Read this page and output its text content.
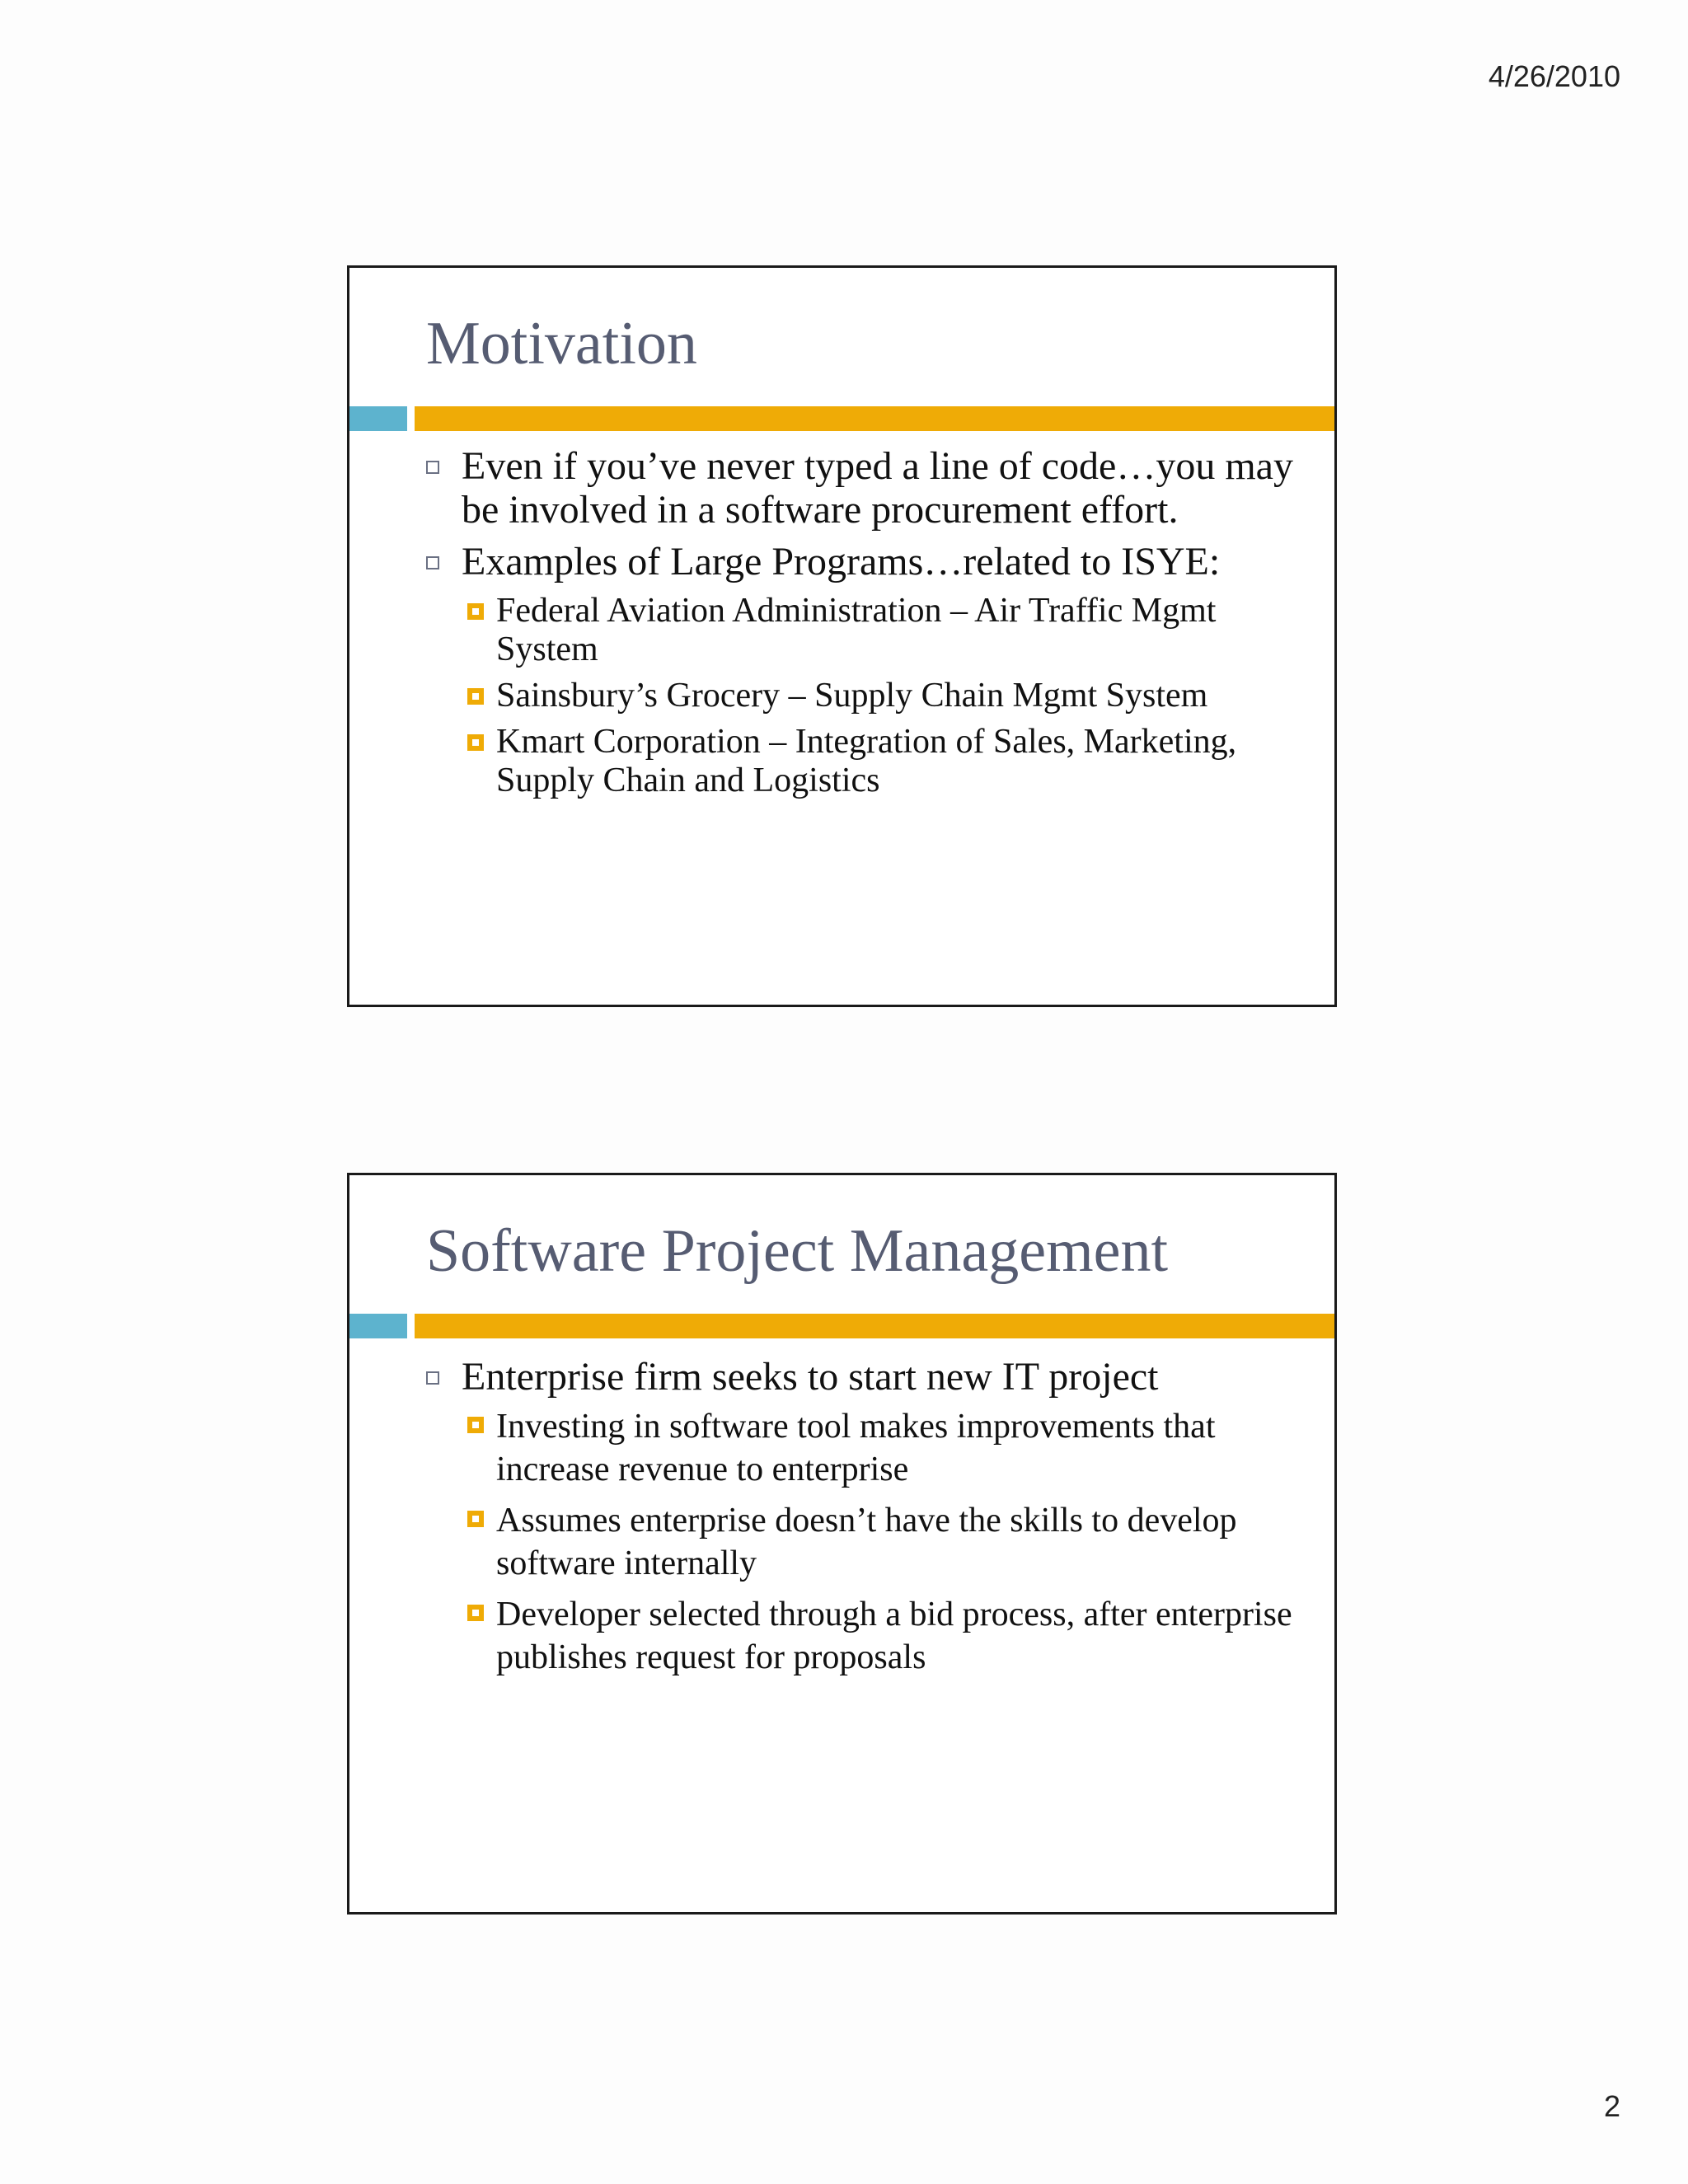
4/26/2010
Motivation
Even if you’ve never typed a line of code…you may be involved in a software procurement effort.
Examples of Large Programs…related to ISYE:
Federal Aviation Administration – Air Traffic Mgmt System
Sainsbury’s Grocery – Supply Chain Mgmt System
Kmart Corporation – Integration of Sales, Marketing, Supply Chain and Logistics
Software Project Management
Enterprise firm seeks to start new IT project
Investing in software tool makes improvements that increase revenue to enterprise
Assumes enterprise doesn’t have the skills to develop software internally
Developer selected through a bid process, after enterprise publishes request for proposals
2
